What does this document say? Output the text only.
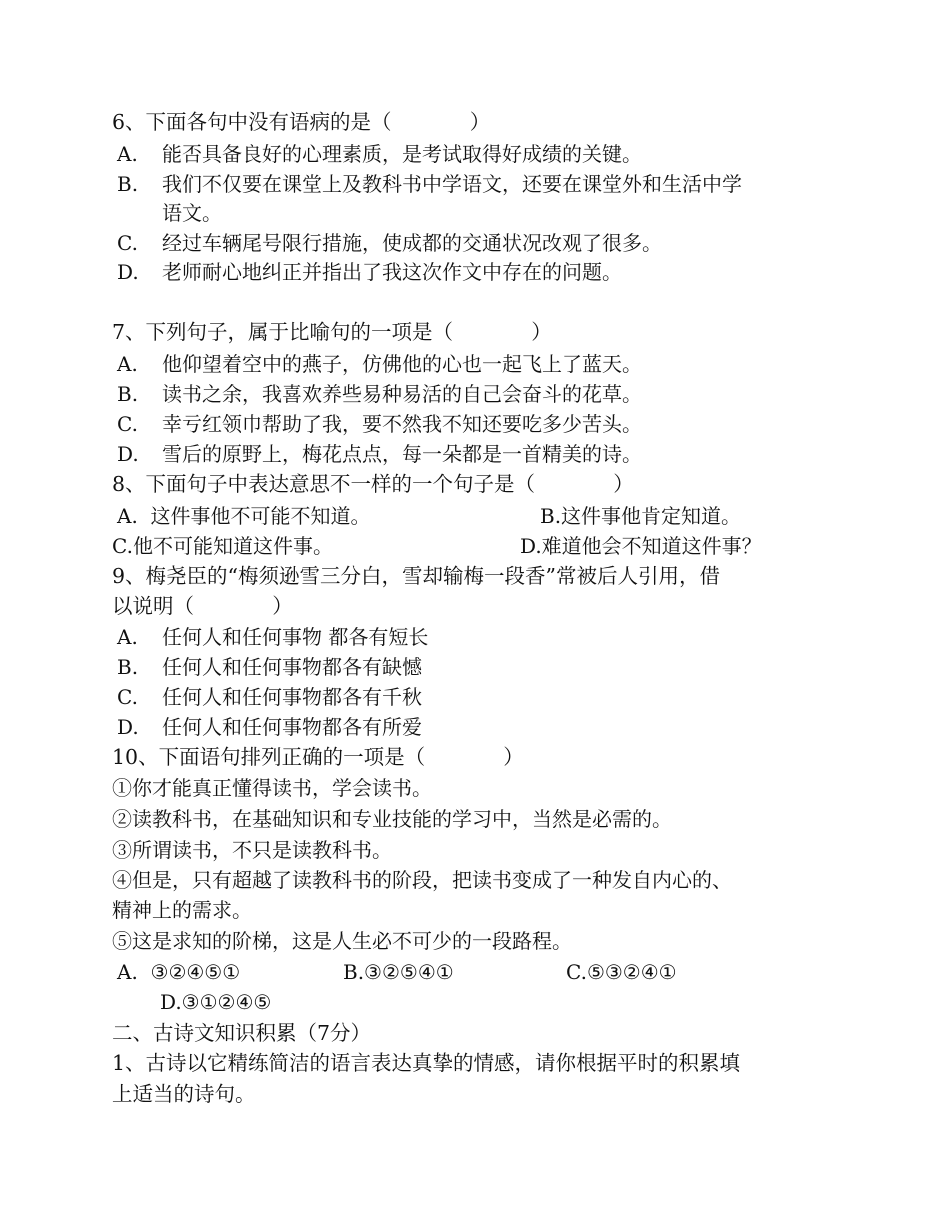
6、下面各句中没有语病的是（            ）
A. 能否具备良好的心理素质，是考试取得好成绩的关键。
B. 我们不仅要在课堂上及教科书中学语文，还要在课堂外和生活中学
语文。
C. 经过车辆尾号限行措施，使成都的交通状况改观了很多。
D. 老师耐心地纠正并指出了我这次作文中存在的问题。
7、下列句子，属于比喻句的一项是（            ）
A. 他仰望着空中的燕子，仿佛他的心也一起飞上了蓝天。
B. 读书之余，我喜欢养些易种易活的自己会奋斗的花草。
C. 幸亏红领巾帮助了我，要不然我不知还要吃多少苦头。
D. 雪后的原野上，梅花点点，每一朵都是一首精美的诗。
8、下面句子中表达意思不一样的一个句子是（            ）
A.  这件事他不可能不知道。	B.这件事他肯定知道。
C.他不可能知道这件事。	D.难道他会不知道这件事？
9、梅尧臣的“梅须逊雪三分白，雪却输梅一段香”常被后人引用，借
以说明（            ）
A. 任何人和任何事物 都各有短长
B. 任何人和任何事物都各有缺憾
C. 任何人和任何事物都各有千秋
D. 任何人和任何事物都各有所爱
10、下面语句排列正确的一项是（            ）
①你才能真正懂得读书，学会读书。
②读教科书，在基础知识和专业技能的学习中，当然是必需的。
③所谓读书，不只是读教科书。
④但是，只有超越了读教科书的阶段，把读书变成了一种发自内心的、
精神上的需求。
⑤这是求知的阶梯，这是人生必不可少的一段路程。
A.  ③②④⑤①	B.③②⑤④①	C.⑤③②④①
D.③①②④⑤
二、古诗文知识积累（7分）
1、古诗以它精练简洁的语言表达真挚的情感，请你根据平时的积累填
上适当的诗句。
